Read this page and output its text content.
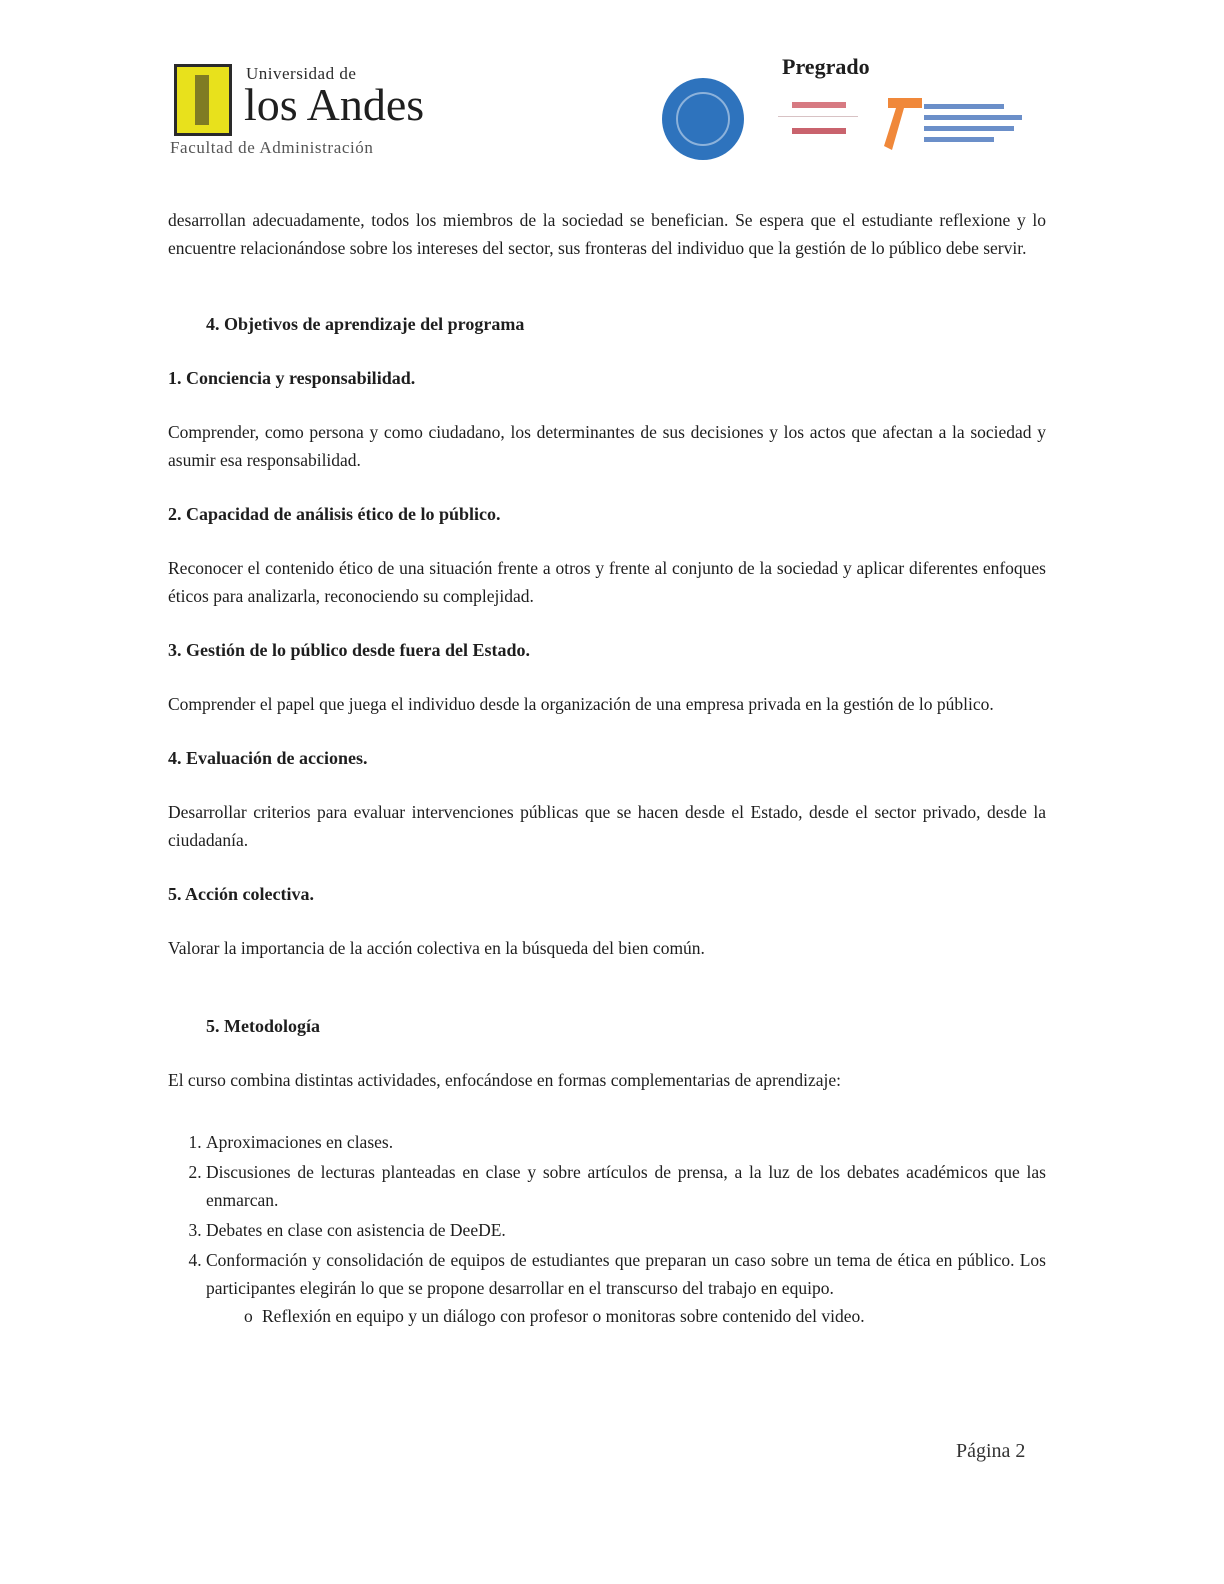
Universidad de
los Andes
Facultad de Administración
Pregrado

desarrollan adecuadamente, todos los miembros de la sociedad se benefician. Se espera que el estudiante reflexione y lo encuentre relacionándose sobre los intereses del sector, sus fronteras del individuo que la gestión de lo público debe servir.

4. Objetivos de aprendizaje del programa
1. Conciencia y responsabilidad.

Comprender, como persona y como ciudadano, los determinantes de sus decisiones y los actos que afectan a la sociedad y asumir esa responsabilidad.

2. Capacidad de análisis ético de lo público.

Reconocer el contenido ético de una situación frente a otros y frente al conjunto de la sociedad y aplicar diferentes enfoques éticos para analizarla, reconociendo su complejidad.

3. Gestión de lo público desde fuera del Estado.

Comprender el papel que juega el individuo desde la organización de una empresa privada en la gestión de lo público.

4. Evaluación de acciones.

Desarrollar criterios para evaluar intervenciones públicas que se hacen desde el Estado, desde el sector privado, desde la ciudadanía.

5. Acción colectiva.

Valorar la importancia de la acción colectiva en la búsqueda del bien común.

5. Metodología

El curso combina distintas actividades, enfocándose en formas complementarias de aprendizaje:

1. Aproximaciones en clases.
2. Discusiones de lecturas planteadas en clase y sobre artículos de prensa, a la luz de los debates académicos que las enmarcan.
3. Debates en clase con asistencia de DeeDE.
4. Conformación y consolidación de equipos de estudiantes que preparan un caso sobre un tema de ética en público. Los participantes elegirán lo que se propone desarrollar en el transcurso del trabajo en equipo.
o Reflexión en equipo y un diálogo con profesor o monitoras sobre contenido del video.
Página 2
